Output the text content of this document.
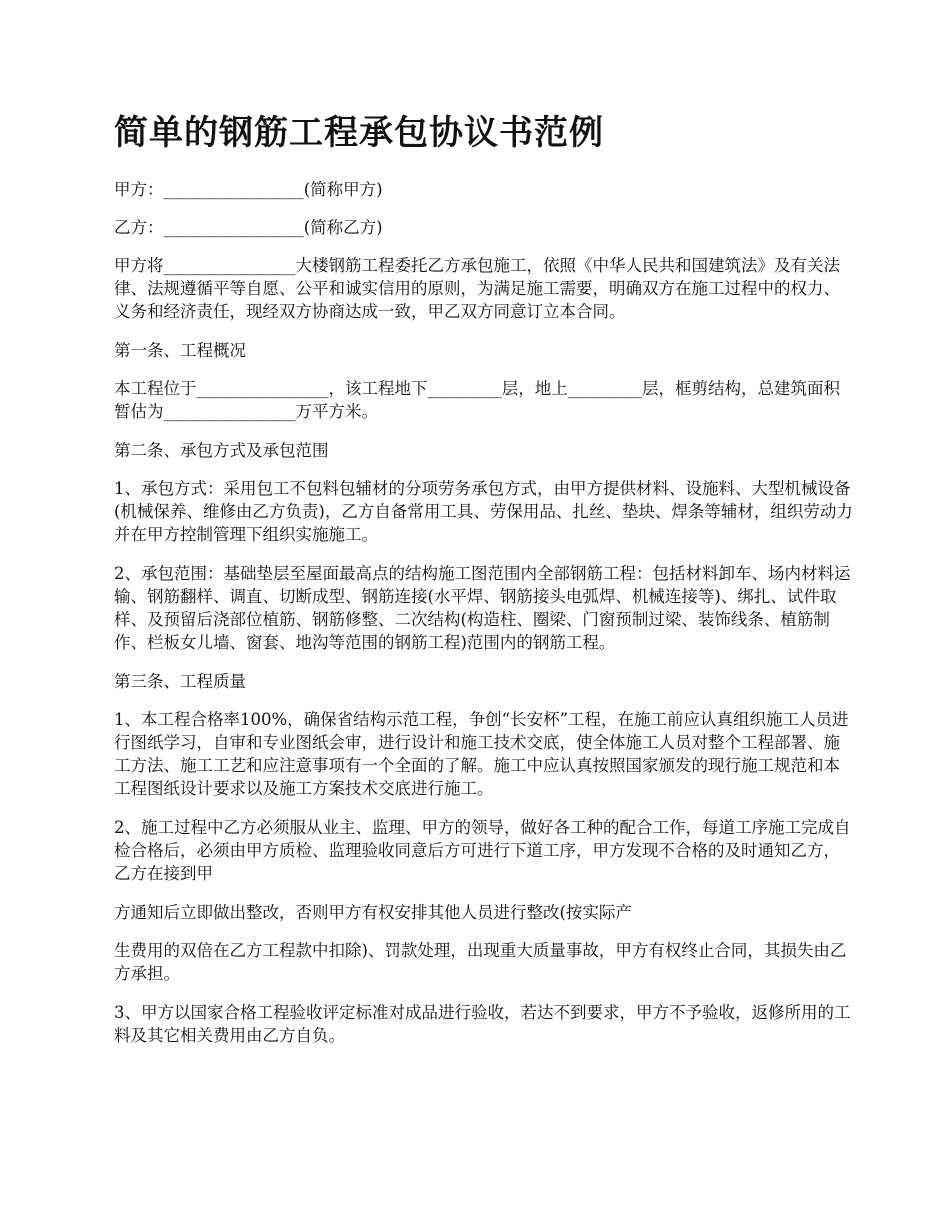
简单的钢筋工程承包协议书范例

甲方：_________________(简称甲方)

乙方：_________________(简称乙方)

甲方将________________大楼钢筋工程委托乙方承包施工，依照《中华人民共和国建筑法》及有关法律、法规遵循平等自愿、公平和诚实信用的原则，为满足施工需要，明确双方在施工过程中的权力、义务和经济责任，现经双方协商达成一致，甲乙双方同意订立本合同。

第一条、工程概况

本工程位于________________，该工程地下_________层，地上_________层，框剪结构，总建筑面积暂估为________________万平方米。

第二条、承包方式及承包范围

1、承包方式：采用包工不包料包辅材的分项劳务承包方式，由甲方提供材料、设施料、大型机械设备(机械保养、维修由乙方负责)，乙方自备常用工具、劳保用品、扎丝、垫块、焊条等辅材，组织劳动力并在甲方控制管理下组织实施施工。

2、承包范围：基础垫层至屋面最高点的结构施工图范围内全部钢筋工程：包括材料卸车、场内材料运输、钢筋翻样、调直、切断成型、钢筋连接(水平焊、钢筋接头电弧焊、机械连接等)、绑扎、试件取样、及预留后浇部位植筋、钢筋修整、二次结构(构造柱、圈梁、门窗预制过梁、装饰线条、植筋制作、栏板女儿墙、窗套、地沟等范围的钢筋工程)范围内的钢筋工程。

第三条、工程质量

1、本工程合格率100%，确保省结构示范工程，争创“长安杯”工程，在施工前应认真组织施工人员进行图纸学习，自审和专业图纸会审，进行设计和施工技术交底，使全体施工人员对整个工程部署、施工方法、施工工艺和应注意事项有一个全面的了解。施工中应认真按照国家颁发的现行施工规范和本工程图纸设计要求以及施工方案技术交底进行施工。

2、施工过程中乙方必须服从业主、监理、甲方的领导，做好各工种的配合工作，每道工序施工完成自检合格后，必须由甲方质检、监理验收同意后方可进行下道工序，甲方发现不合格的及时通知乙方，乙方在接到甲

方通知后立即做出整改，否则甲方有权安排其他人员进行整改(按实际产

生费用的双倍在乙方工程款中扣除)、罚款处理，出现重大质量事故，甲方有权终止合同，其损失由乙方承担。

3、甲方以国家合格工程验收评定标准对成品进行验收，若达不到要求，甲方不予验收，返修所用的工料及其它相关费用由乙方自负。
